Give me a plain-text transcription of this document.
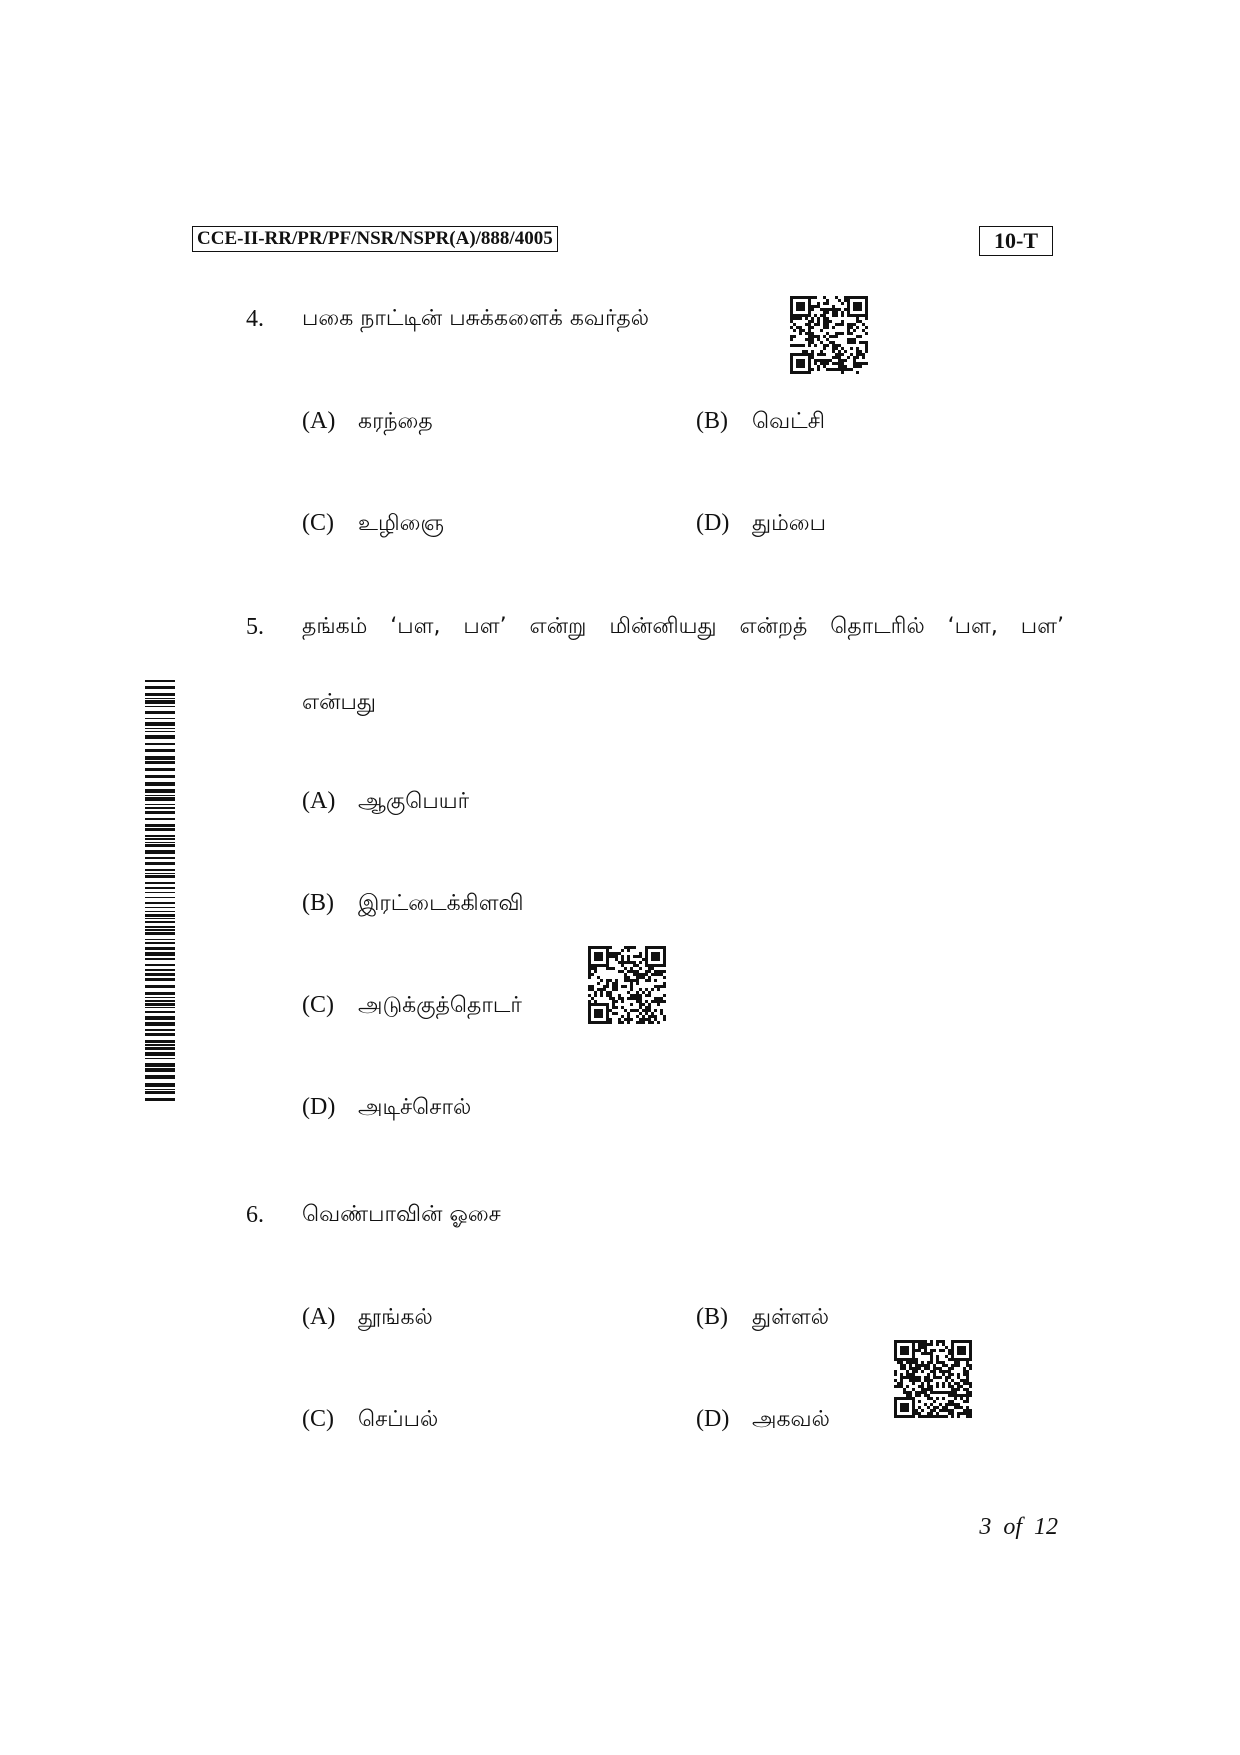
CCE-II-RR/PR/PF/NSR/NSPR(A)/888/4005	10-T
4. பகை நாட்டின் பசுக்களைக் கவர்தல்
(A) கரந்தை	(B) வெட்சி
(C) உழிஞை	(D) தும்பை
5. தங்கம் ‘பள, பள’ என்று மின்னியது என்றத் தொடரில் ‘பள, பள’
என்பது
(A) ஆகுபெயர்
(B) இரட்டைக்கிளவி
(C) அடுக்குத்தொடர்
(D) அடிச்சொல்
6. வெண்பாவின் ஓசை
(A) தூங்கல்	(B) துள்ளல்
(C) செப்பல்	(D) அகவல்
3 of 12
